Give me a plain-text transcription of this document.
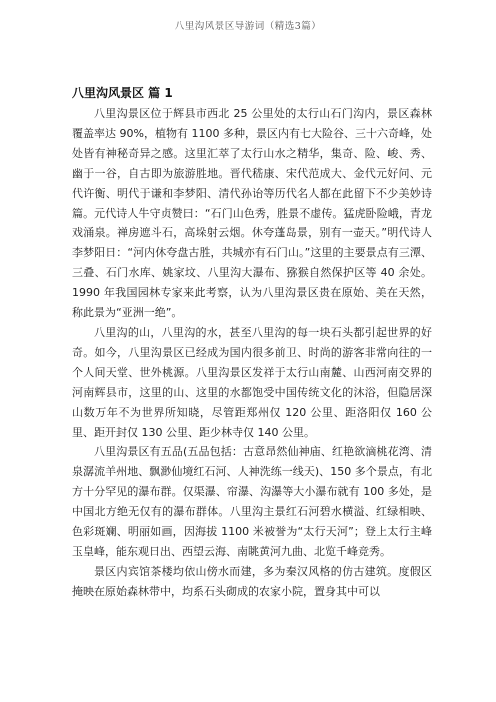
八里沟风景区导游词（精选3篇）
八里沟风景区 篇 1

八里沟景区位于辉县市西北 25 公里处的太行山石门沟内，景区森林覆盖率达 90%，植物有 1100 多种，景区内有七大险谷、三十六奇峰，处处皆有神秘奇异之感。这里汇萃了太行山水之精华，集奇、险、峻、秀、幽于一谷，自古即为旅游胜地。晋代嵇康、宋代范成大、金代元好问、元代许衡、明代于谦和李梦阳、清代孙诒等历代名人都在此留下不少美妙诗篇。元代诗人牛守贞赞曰：“石门山色秀，胜景不虚传。猛虎卧险峨，青龙戏涌泉。禅房遮斗石，高垛射云烟。休夸蓬岛景，别有一壶天。”明代诗人李梦阳日：“河内休夸盘古胜，共城亦有石门山。”这里的主要景点有三潭、三叠、石门水库、姚家坟、八里沟大瀑布、猕猴自然保护区等 40 余处。1990 年我国园林专家来此考察，认为八里沟景区贵在原始、美在天然，称此景为“亚洲一绝”。

八里沟的山，八里沟的水，甚至八里沟的每一块石头都引起世界的好奇。如今，八里沟景区已经成为国内很多前卫、时尚的游客非常向往的一个人间天堂、世外桃源。八里沟景区发祥于太行山南麓、山西河南交界的河南辉县市，这里的山、这里的水都饱受中国传统文化的沐浴，但隐居深山数万年不为世界所知晓，尽管距郑州仅 120 公里、距洛阳仅 160 公里、距开封仅 130 公里、距少林寺仅 140 公里。

八里沟景区有五品(五品包括：古意昂然仙神庙、红艳欲滴桃花湾、清泉潺流羊州地、飘渺仙境红石河、人神洗练一线天)、150 多个景点，有北方十分罕见的瀑布群。仅渠瀑、帘瀑、沟瀑等大小瀑布就有 100 多处，是中国北方绝无仅有的瀑布群体。八里沟主景红石河碧水横溢、红绿相映、色彩斑斓、明丽如画，因海拔 1100 米被誉为“太行天河”；登上太行主峰玉皇峰，能东观日出、西望云海、南眺黄河九曲、北览千峰竞秀。

景区内宾馆茶楼均依山傍水而建，多为秦汉风格的仿古建筑。度假区掩映在原始森林带中，均系石头砌成的农家小院，置身其中可以
